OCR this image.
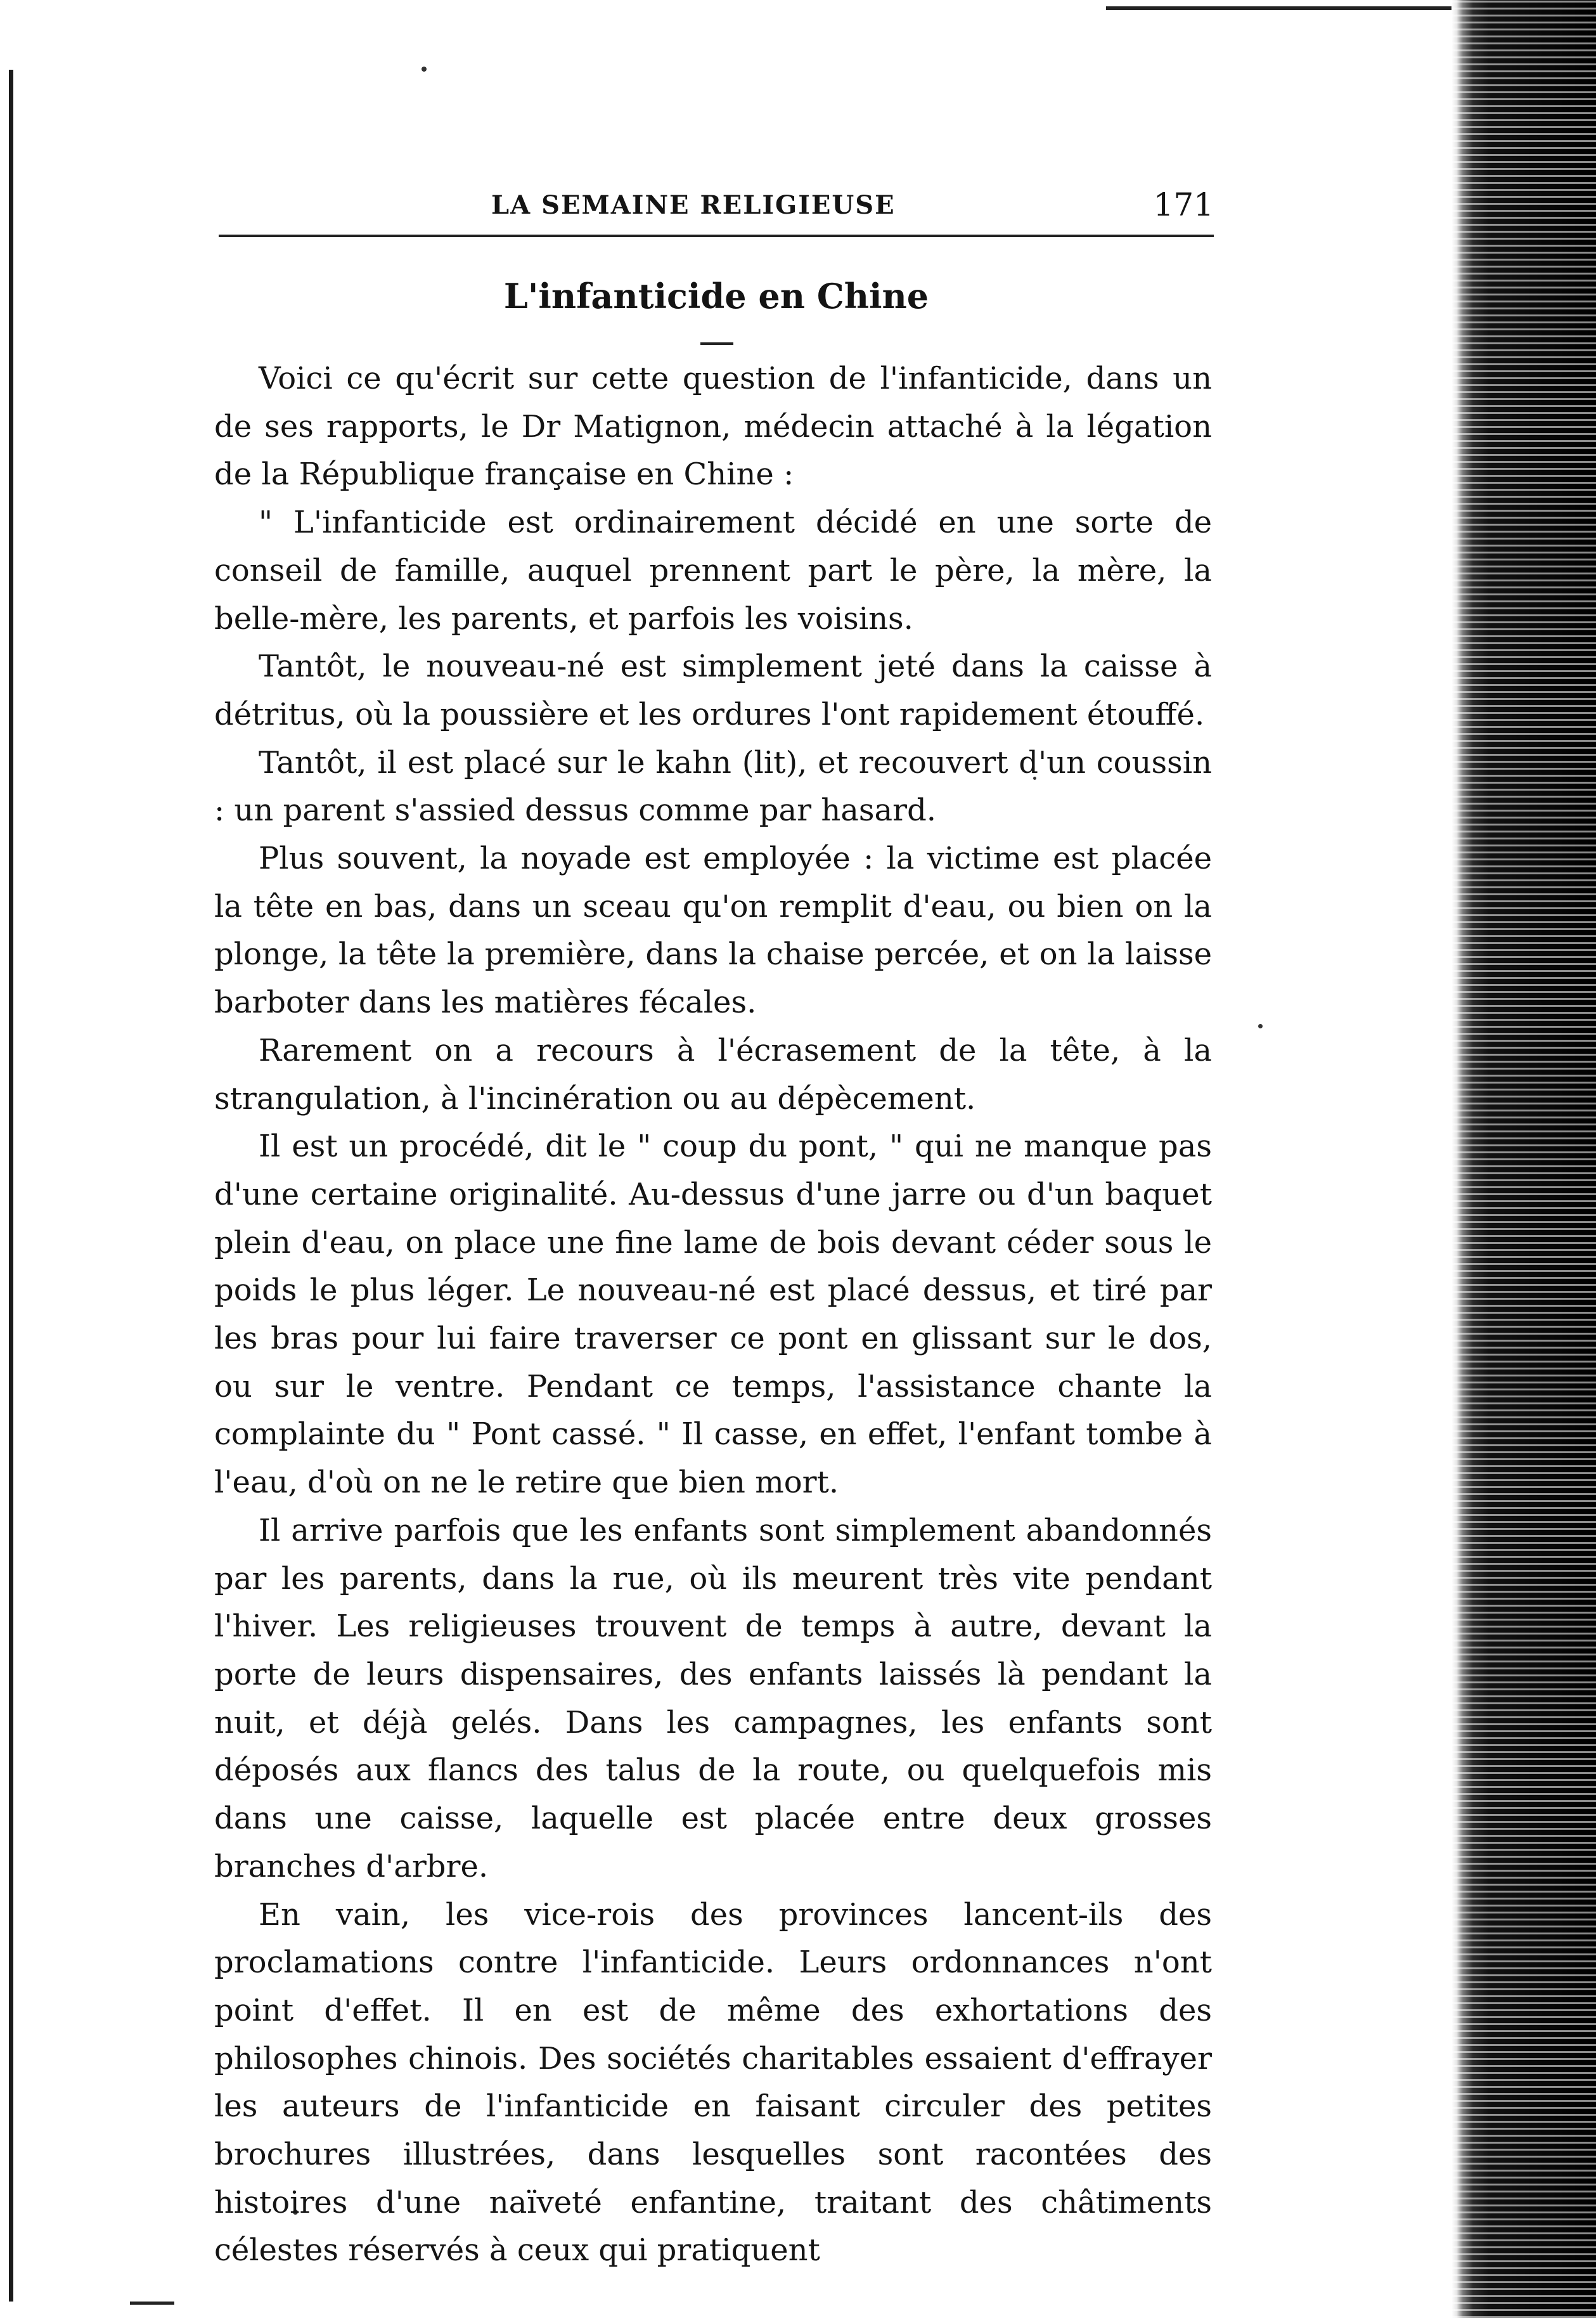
LA SEMAINE RELIGIEUSE	171
L'infanticide en Chine

Voici ce qu'écrit sur cette question de l'infanticide, dans un de ses rapports, le Dr Matignon, médecin attaché à la légation de la République française en Chine :

" L'infanticide est ordinairement décidé en une sorte de conseil de famille, auquel prennent part le père, la mère, la belle-mère, les parents, et parfois les voisins.

Tantôt, le nouveau-né est simplement jeté dans la caisse à détritus, où la poussière et les ordures l'ont rapidement étouffé.

Tantôt, il est placé sur le kahn (lit), et recouvert d'un coussin : un parent s'assied dessus comme par hasard.

Plus souvent, la noyade est employée : la victime est placée la tête en bas, dans un sceau qu'on remplit d'eau, ou bien on la plonge, la tête la première, dans la chaise percée, et on la laisse barboter dans les matières fécales.

Rarement on a recours à l'écrasement de la tête, à la strangulation, à l'incinération ou au dépècement.

Il est un procédé, dit le " coup du pont, " qui ne manque pas d'une certaine originalité. Au-dessus d'une jarre ou d'un baquet plein d'eau, on place une fine lame de bois devant céder sous le poids le plus léger. Le nouveau-né est placé dessus, et tiré par les bras pour lui faire traverser ce pont en glissant sur le dos, ou sur le ventre. Pendant ce temps, l'assistance chante la complainte du " Pont cassé. " Il casse, en effet, l'enfant tombe à l'eau, d'où on ne le retire que bien mort.

Il arrive parfois que les enfants sont simplement abandonnés par les parents, dans la rue, où ils meurent très vite pendant l'hiver. Les religieuses trouvent de temps à autre, devant la porte de leurs dispensaires, des enfants laissés là pendant la nuit, et déjà gelés. Dans les campagnes, les enfants sont déposés aux flancs des talus de la route, ou quelquefois mis dans une caisse, laquelle est placée entre deux grosses branches d'arbre.

En vain, les vice-rois des provinces lancent-ils des proclamations contre l'infanticide. Leurs ordonnances n'ont point d'effet. Il en est de même des exhortations des philosophes chinois. Des sociétés charitables essaient d'effrayer les auteurs de l'infanticide en faisant circuler des petites brochures illustrées, dans lesquelles sont racontées des histoires d'une naïveté enfantine, traitant des châtiments célestes réservés à ceux qui pratiquent
